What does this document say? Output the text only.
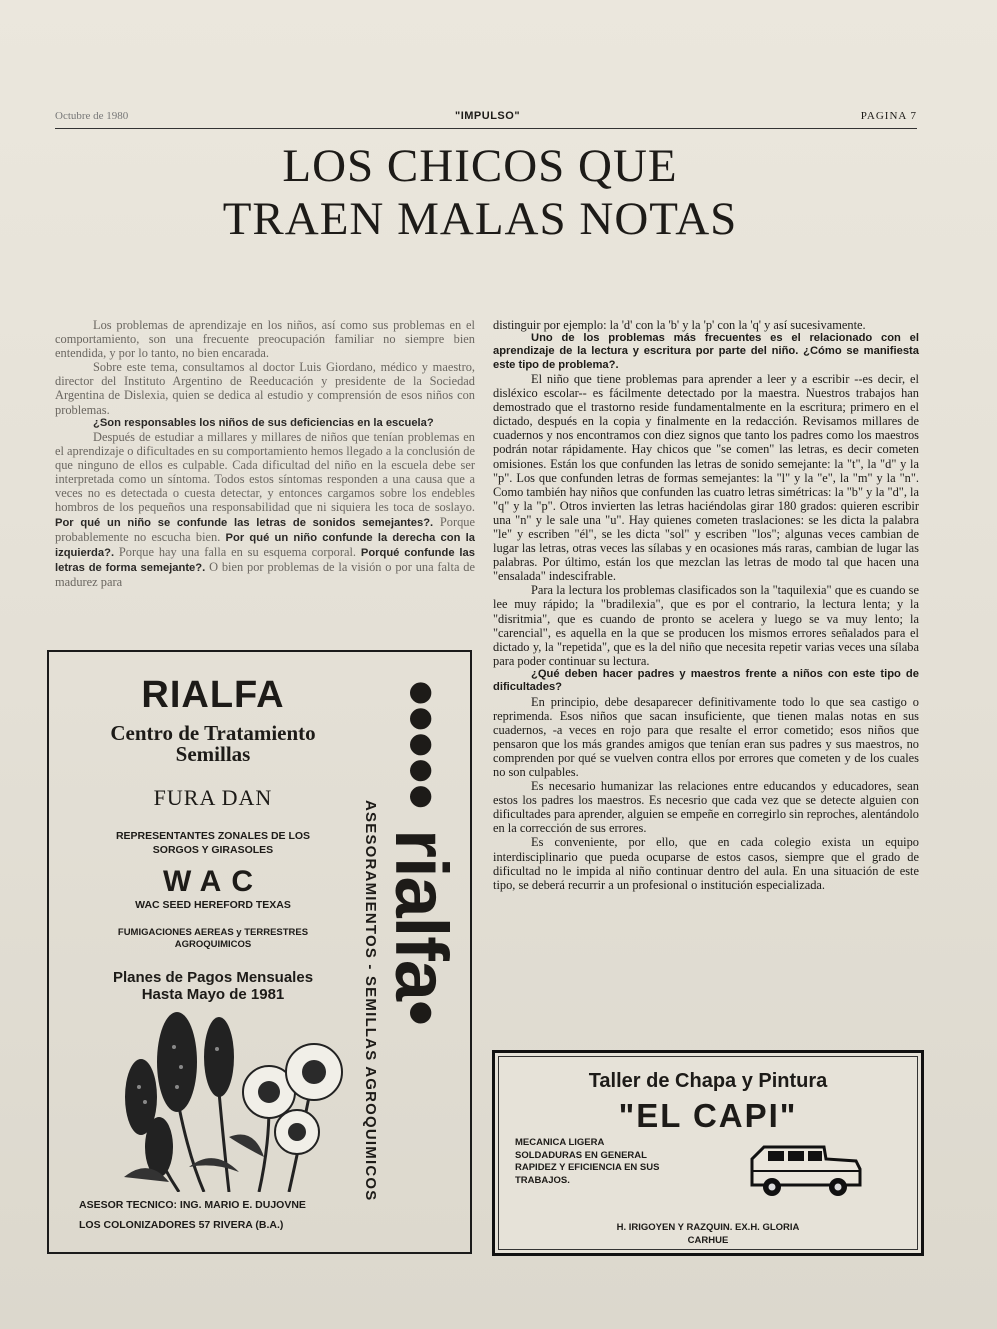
Octubre de 1980	"IMPULSO"	PAGINA 7
LOS CHICOS QUE
TRAEN MALAS NOTAS

Los problemas de aprendizaje en los niños, así como sus problemas en el comportamiento, son una frecuente preocupación familiar no siempre bien entendida, y por lo tanto, no bien encarada.

Sobre este tema, consultamos al doctor Luis Giordano, médico y maestro, director del Instituto Argentino de Reeducación y presidente de la Sociedad Argentina de Dislexia, quien se dedica al estudio y comprensión de esos niños con problemas.

¿Son responsables los niños de sus deficiencias en la escuela?

Después de estudiar a millares y millares de niños que tenían problemas en el aprendizaje o dificultades en su comportamiento hemos llegado a la conclusión de que ninguno de ellos es culpable. Cada dificultad del niño en la escuela debe ser interpretada como un síntoma. Todos estos síntomas responden a una causa que a veces no es detectada o cuesta detectar, y entonces cargamos sobre los endebles hombros de los pequeños una responsabilidad que ni siquiera les toca de soslayo. Por qué un niño se confunde las letras de sonidos semejantes?. Porque probablemente no escucha bien. Por qué un niño confunde la derecha con la izquierda?. Porque hay una falla en su esquema corporal. Porqué confunde las letras de forma semejante?. O bien por problemas de la visión o por una falta de madurez para

distinguir por ejemplo: la 'd' con la 'b' y la 'p' con la 'q' y así sucesivamente.

Uno de los problemas más frecuentes es el relacionado con el aprendizaje de la lectura y escritura por parte del niño. ¿Cómo se manifiesta este tipo de problema?.

El niño que tiene problemas para aprender a leer y a escribir --es decir, el disléxico escolar-- es fácilmente detectado por la maestra. Nuestros trabajos han demostrado que el trastorno reside fundamentalmente en la escritura; primero en el dictado, después en la copia y finalmente en la redacción. Revisamos millares de cuadernos y nos encontramos con diez signos que tanto los padres como los maestros podrán notar rápidamente. Hay chicos que "se comen" las letras, es decir cometen omisiones. Están los que confunden las letras de sonido semejante: la "t", la "d" y la "p". Los que confunden letras de formas semejantes: la "l" y la "e", la "m" y la "n". Como también hay niños que confunden las cuatro letras simétricas: la "b" y la "d", la "q" y la "p". Otros invierten las letras haciéndolas girar 180 grados: quieren escribir una "n" y le sale una "u". Hay quienes cometen traslaciones: se les dicta la palabra "le" y escriben "él", se les dicta "sol" y escriben "los"; algunas veces cambian de lugar las letras, otras veces las sílabas y en ocasiones más raras, cambian de lugar las palabras. Por último, están los que mezclan las letras de modo tal que hacen una "ensalada" indescifrable.

Para la lectura los problemas clasificados son la "taquilexia" que es cuando se lee muy rápido; la "bradilexia", que es por el contrario, la lectura lenta; y la "disritmia", que es cuando de pronto se acelera y luego se va muy lento; la "carencial", es aquella en la que se producen los mismos errores señalados para el dictado y, la "repetida", que es la del niño que necesita repetir varias veces una sílaba para poder continuar su lectura.

¿Qué deben hacer padres y maestros frente a niños con este tipo de dificultades?

En principio, debe desaparecer definitivamente todo lo que sea castigo o reprimenda. Esos niños que sacan insuficiente, que tienen malas notas en sus cuadernos, -a veces en rojo para que resalte el error cometido; esos niños que pensaron que los más grandes amigos que tenían eran sus padres y sus maestros, no comprenden por qué se vuelven contra ellos por errores que cometen y de los cuales no son culpables.

Es necesario humanizar las relaciones entre educandos y educadores, sean estos los padres los maestros. Es necesrio que cada vez que se detecte alguien con dificultades para aprender, alguien se empeñe en corregirlo sin reproches, alentándolo en la corrección de sus errores.

Es conveniente, por ello, que en cada colegio exista un equipo interdisciplinario que pueda ocuparse de estos casos, siempre que el grado de dificultad no le impida al niño continuar dentro del aula. En una situación de este tipo, se deberá recurrir a un profesional o institución especializada.

RIALFA
Centro de Tratamiento
Semillas
FURA DAN
REPRESENTANTES ZONALES DE LOS
SORGOS Y GIRASOLES
WAC
WAC SEED HEREFORD TEXAS
FUMIGACIONES AEREAS y TERRESTRES
AGROQUIMICOS
Planes de Pagos Mensuales
Hasta Mayo de 1981
ASESOR TECNICO: ING. MARIO E. DUJOVNE
LOS COLONIZADORES 57 RIVERA (B.A.)
ASESORAMIENTOS - SEMILLAS AGROQUIMICOS
••••• rialfa•
Taller de Chapa y Pintura
"EL CAPI"
MECANICA LIGERA
SOLDADURAS EN GENERAL
RAPIDEZ Y EFICIENCIA EN SUS
TRABAJOS.
H. IRIGOYEN Y RAZQUIN. EX.H. GLORIA
CARHUE
